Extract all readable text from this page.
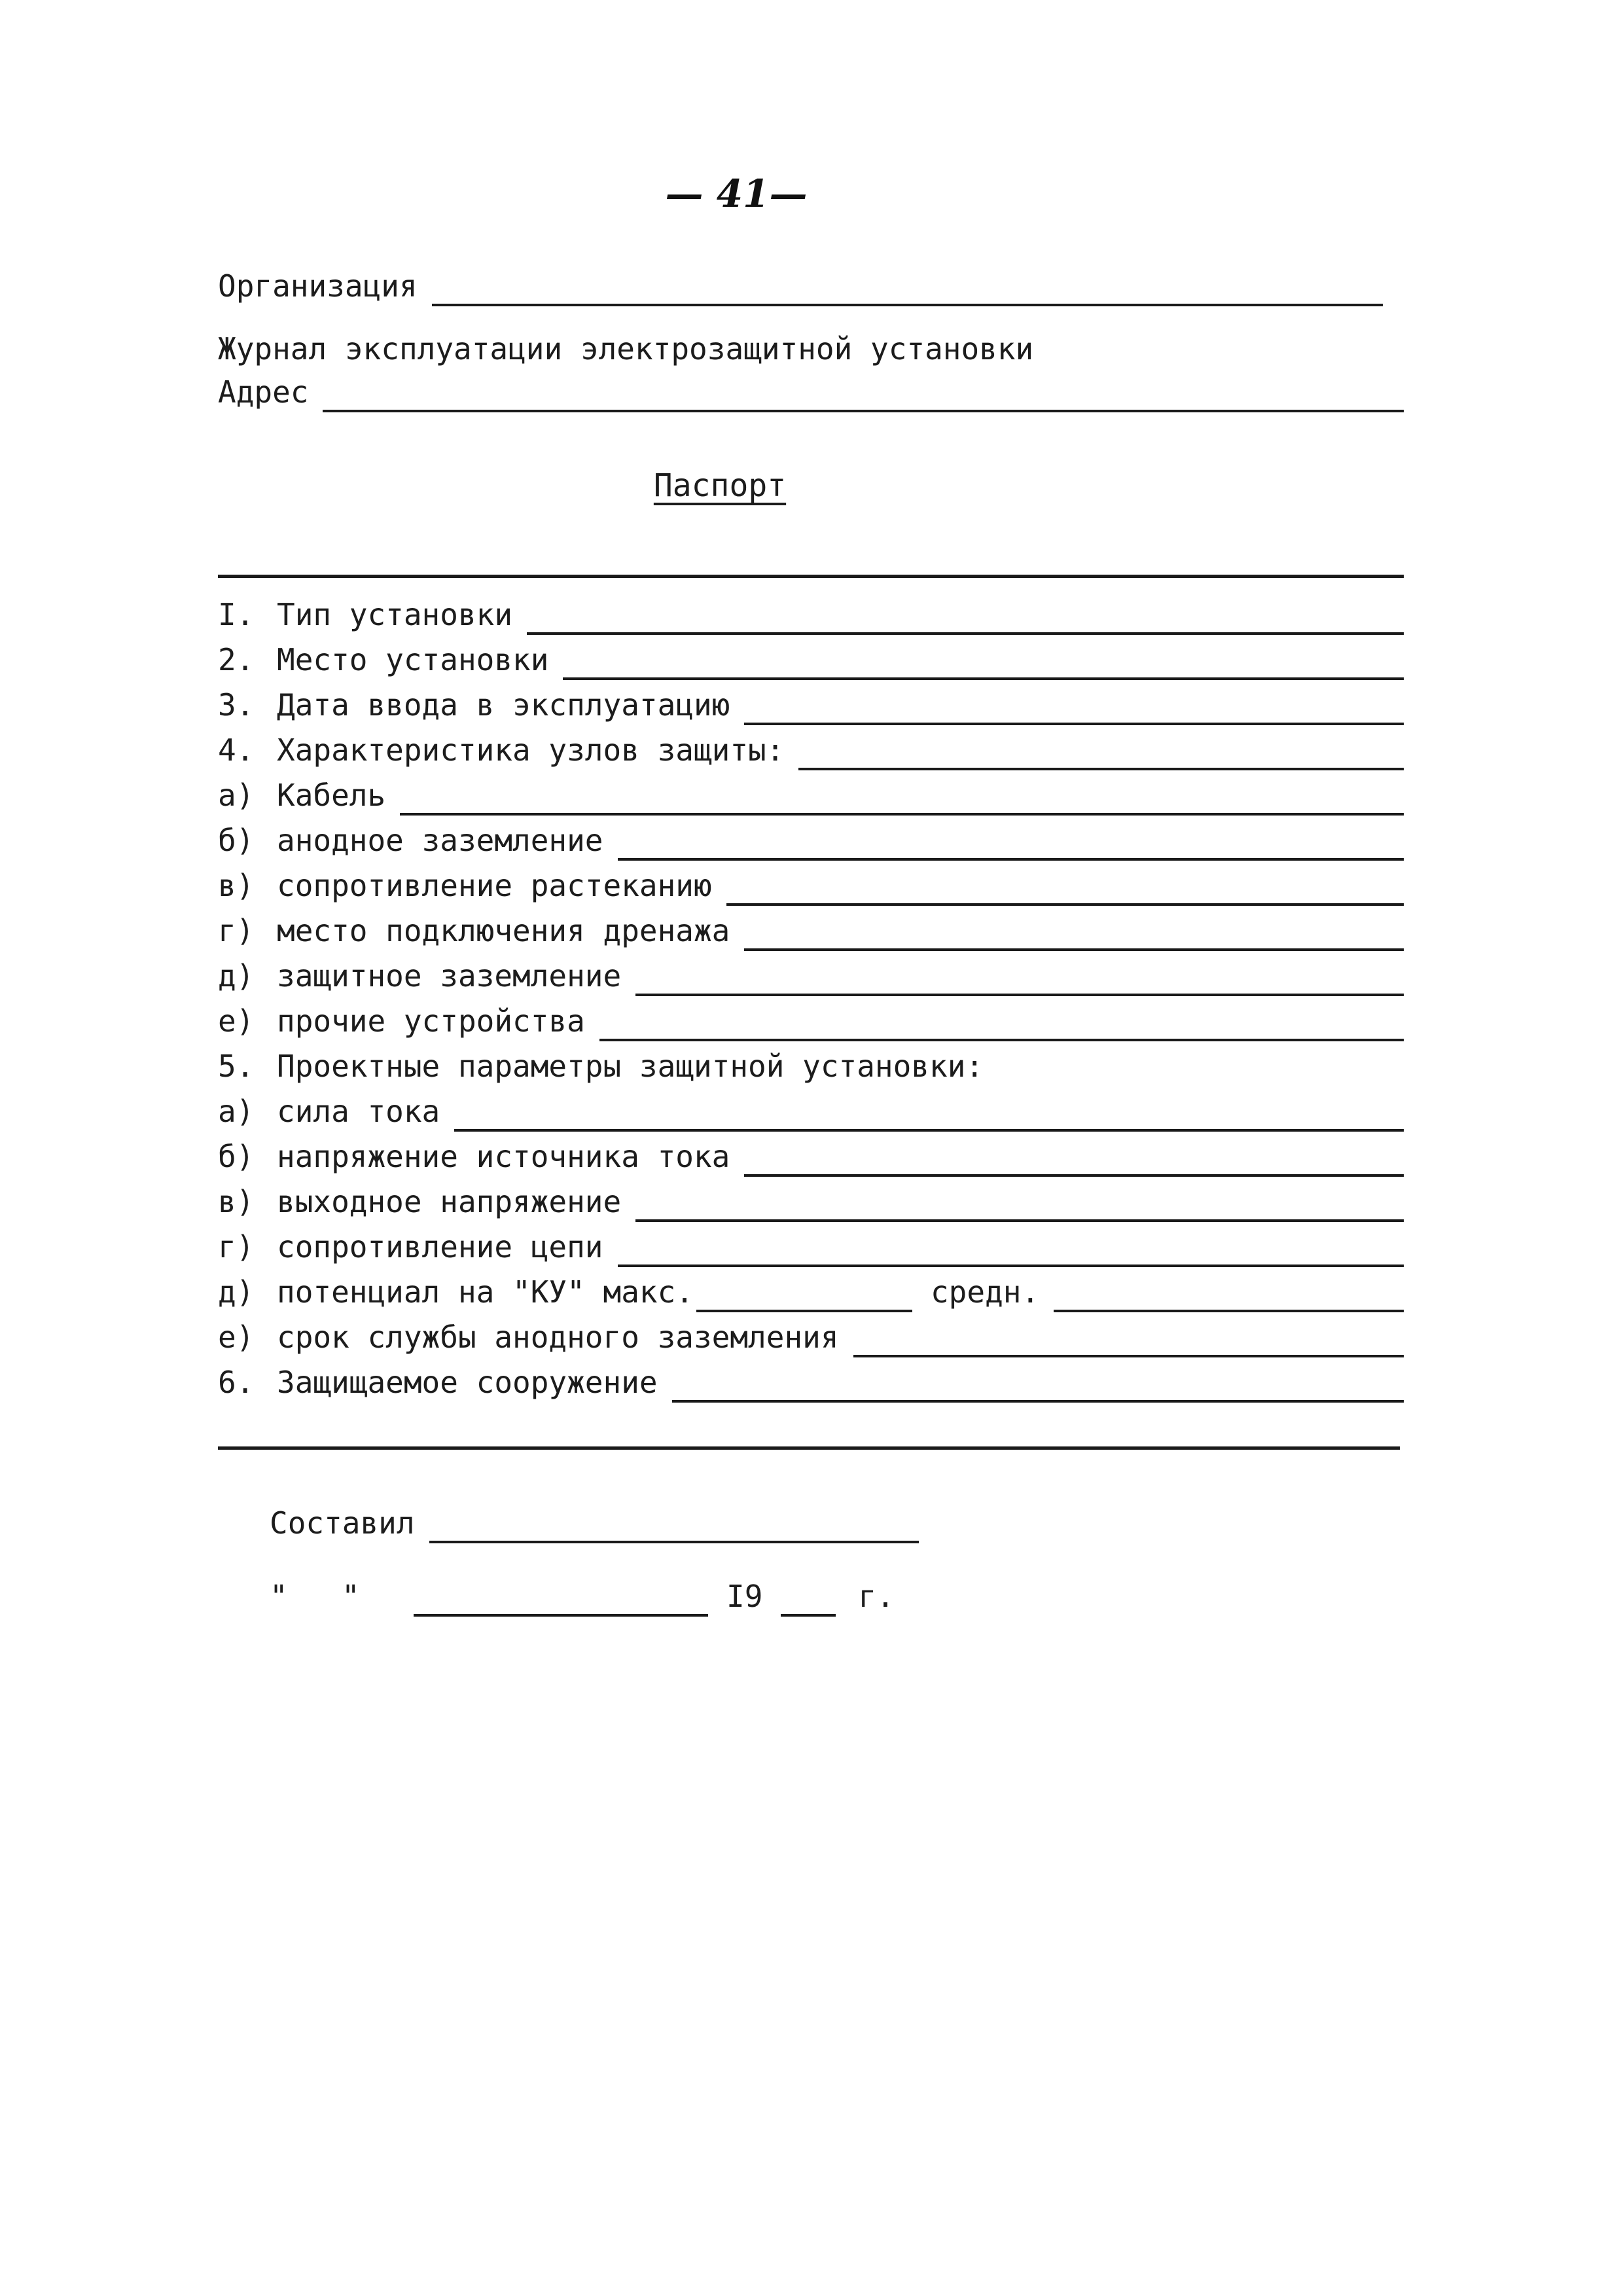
— 41—
Организация
Журнал эксплуатации электрозащитной установки
Адрес
Паспорт
I. Тип установки
2. Место установки
3. Дата ввода в эксплуатацию
4. Характеристика узлов защиты:
а) Кабель
б) анодное заземление
в) сопротивление растеканию
г) место подключения дренажа
д) защитное заземление
е) прочие устройства
5. Проектные параметры защитной установки:
а) сила тока
б) напряжение источника тока
в) выходное напряжение
г) сопротивление цепи
д) потенциал на "КУ" макс.	средн.
е) срок службы анодного заземления
6. Защищаемое сооружение
Составил
"	"	I9	г.
